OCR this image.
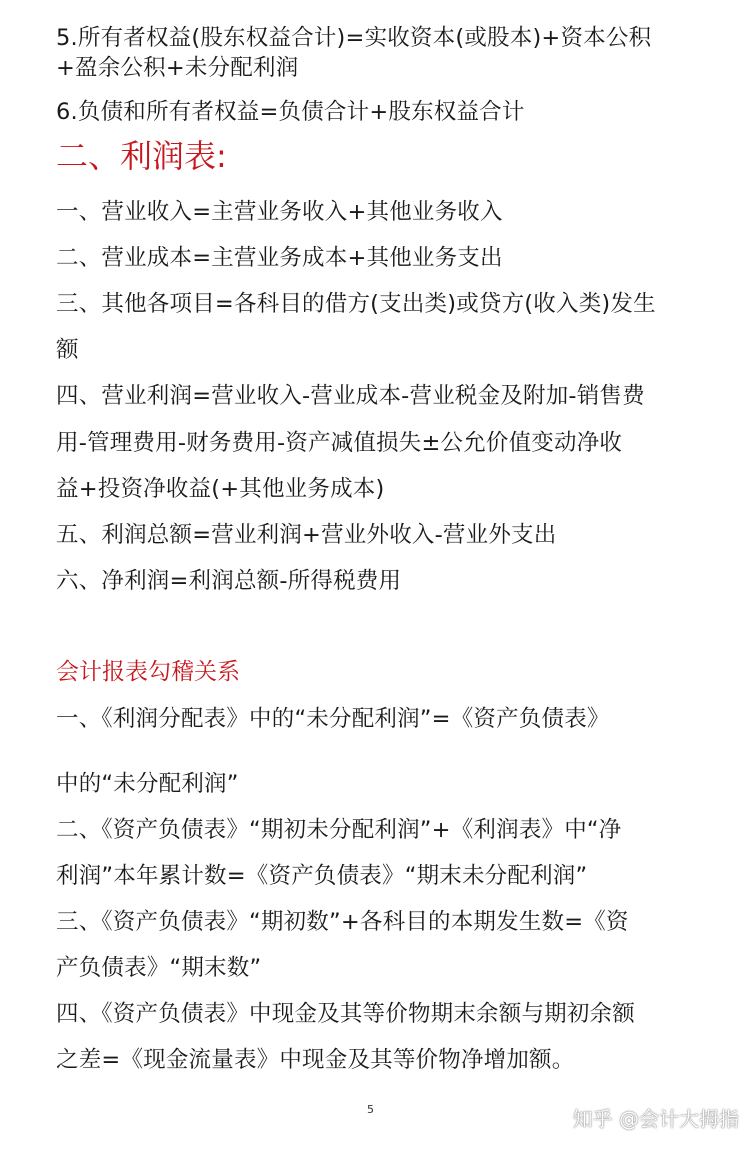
5.所有者权益(股东权益合计)=实收资本(或股本)+资本公积
+盈余公积+未分配利润
6.负债和所有者权益=负债合计+股东权益合计
二、利润表:
一、营业收入=主营业务收入+其他业务收入
二、营业成本=主营业务成本+其他业务支出
三、其他各项目=各科目的借方(支出类)或贷方(收入类)发生
额
四、营业利润=营业收入-营业成本-营业税金及附加-销售费
用-管理费用-财务费用-资产减值损失±公允价值变动净收
益+投资净收益(+其他业务成本)
五、利润总额=营业利润+营业外收入-营业外支出
六、净利润=利润总额-所得税费用
会计报表勾稽关系
一、《利润分配表》中的“未分配利润”=《资产负债表》
中的“未分配利润”
二、《资产负债表》“期初未分配利润”+《利润表》中“净
利润”本年累计数=《资产负债表》“期末未分配利润”
三、《资产负债表》“期初数”+各科目的本期发生数=《资
产负债表》“期末数”
四、《资产负债表》中现金及其等价物期末余额与期初余额
之差=《现金流量表》中现金及其等价物净增加额。
5	知乎 @会计大拇指
